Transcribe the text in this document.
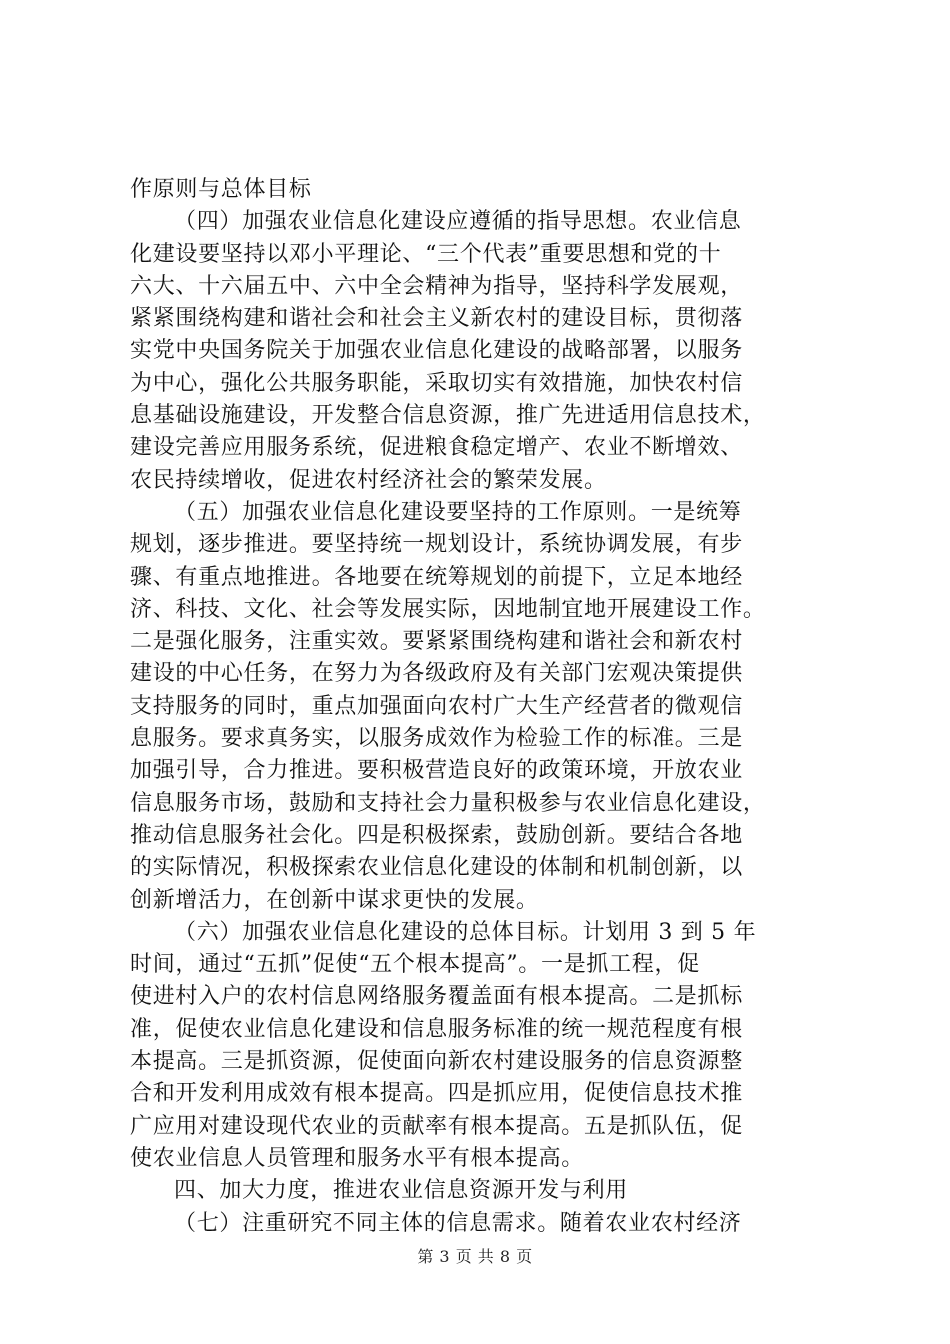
作原则与总体目标
（四）加强农业信息化建设应遵循的指导思想。农业信息
化建设要坚持以邓小平理论、“三个代表”重要思想和党的十
六大、十六届五中、六中全会精神为指导，坚持科学发展观，
紧紧围绕构建和谐社会和社会主义新农村的建设目标，贯彻落
实党中央国务院关于加强农业信息化建设的战略部署，以服务
为中心，强化公共服务职能，采取切实有效措施，加快农村信
息基础设施建设，开发整合信息资源，推广先进适用信息技术，
建设完善应用服务系统，促进粮食稳定增产、农业不断增效、
农民持续增收，促进农村经济社会的繁荣发展。
（五）加强农业信息化建设要坚持的工作原则。一是统筹
规划，逐步推进。要坚持统一规划设计，系统协调发展，有步
骤、有重点地推进。各地要在统筹规划的前提下，立足本地经
济、科技、文化、社会等发展实际，因地制宜地开展建设工作。
二是强化服务，注重实效。要紧紧围绕构建和谐社会和新农村
建设的中心任务，在努力为各级政府及有关部门宏观决策提供
支持服务的同时，重点加强面向农村广大生产经营者的微观信
息服务。要求真务实，以服务成效作为检验工作的标准。三是
加强引导，合力推进。要积极营造良好的政策环境，开放农业
信息服务市场，鼓励和支持社会力量积极参与农业信息化建设，
推动信息服务社会化。四是积极探索，鼓励创新。要结合各地
的实际情况，积极探索农业信息化建设的体制和机制创新，以
创新增活力，在创新中谋求更快的发展。
（六）加强农业信息化建设的总体目标。计划用 3 到 5 年
时间，通过“五抓”促使“五个根本提高”。一是抓工程，促
使进村入户的农村信息网络服务覆盖面有根本提高。二是抓标
准，促使农业信息化建设和信息服务标准的统一规范程度有根
本提高。三是抓资源，促使面向新农村建设服务的信息资源整
合和开发利用成效有根本提高。四是抓应用，促使信息技术推
广应用对建设现代农业的贡献率有根本提高。五是抓队伍，促
使农业信息人员管理和服务水平有根本提高。
四、加大力度，推进农业信息资源开发与利用
（七）注重研究不同主体的信息需求。随着农业农村经济
第 3 页 共 8 页
